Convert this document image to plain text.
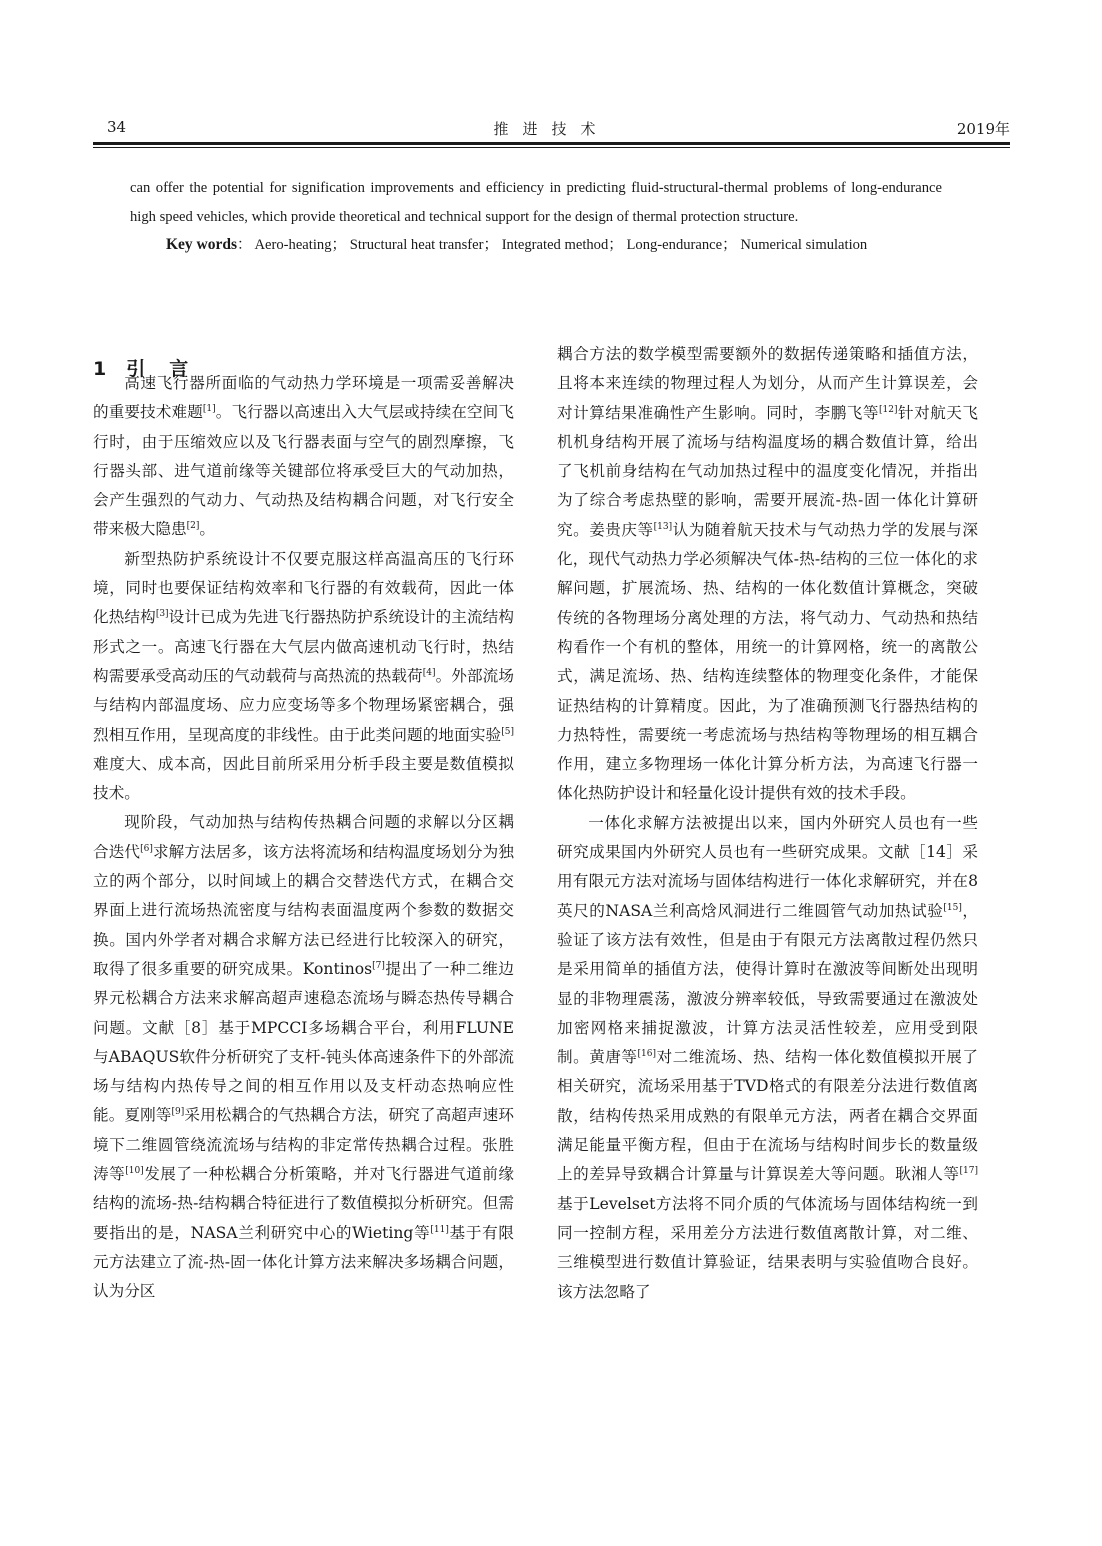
34	推进技术	2019年

can offer the potential for signification improvements and efficiency in predicting fluid-structural-thermal problems of long-endurance high speed vehicles, which provide theoretical and technical support for the design of thermal protection structure.

Key words： Aero-heating； Structural heat transfer； Integrated method； Long-endurance； Numerical simulation

1 引 言

高速飞行器所面临的气动热力学环境是一项需妥善解决的重要技术难题[1]。飞行器以高速出入大气层或持续在空间飞行时，由于压缩效应以及飞行器表面与空气的剧烈摩擦，飞行器头部、进气道前缘等关键部位将承受巨大的气动加热，会产生强烈的气动力、气动热及结构耦合问题，对飞行安全带来极大隐患[2]。

新型热防护系统设计不仅要克服这样高温高压的飞行环境，同时也要保证结构效率和飞行器的有效载荷，因此一体化热结构[3]设计已成为先进飞行器热防护系统设计的主流结构形式之一。高速飞行器在大气层内做高速机动飞行时，热结构需要承受高动压的气动载荷与高热流的热载荷[4]。外部流场与结构内部温度场、应力应变场等多个物理场紧密耦合，强烈相互作用，呈现高度的非线性。由于此类问题的地面实验[5]难度大、成本高，因此目前所采用分析手段主要是数值模拟技术。

现阶段，气动加热与结构传热耦合问题的求解以分区耦合迭代[6]求解方法居多，该方法将流场和结构温度场划分为独立的两个部分，以时间域上的耦合交替迭代方式，在耦合交界面上进行流场热流密度与结构表面温度两个参数的数据交换。国内外学者对耦合求解方法已经进行比较深入的研究，取得了很多重要的研究成果。Kontinos[7]提出了一种二维边界元松耦合方法来求解高超声速稳态流场与瞬态热传导耦合问题。文献［8］基于MPCCI多场耦合平台，利用FLUNE与ABAQUS软件分析研究了支杆-钝头体高速条件下的外部流场与结构内热传导之间的相互作用以及支杆动态热响应性能。夏刚等[9]采用松耦合的气热耦合方法，研究了高超声速环境下二维圆管绕流流场与结构的非定常传热耦合过程。张胜涛等[10]发展了一种松耦合分析策略，并对飞行器进气道前缘结构的流场-热-结构耦合特征进行了数值模拟分析研究。但需要指出的是，NASA兰利研究中心的Wieting等[11]基于有限元方法建立了流-热-固一体化计算方法来解决多场耦合问题，认为分区

耦合方法的数学模型需要额外的数据传递策略和插值方法，且将本来连续的物理过程人为划分，从而产生计算误差，会对计算结果准确性产生影响。同时，李鹏飞等[12]针对航天飞机机身结构开展了流场与结构温度场的耦合数值计算，给出了飞机前身结构在气动加热过程中的温度变化情况，并指出为了综合考虑热壁的影响，需要开展流-热-固一体化计算研究。姜贵庆等[13]认为随着航天技术与气动热力学的发展与深化，现代气动热力学必须解决气体-热-结构的三位一体化的求解问题，扩展流场、热、结构的一体化数值计算概念，突破传统的各物理场分离处理的方法，将气动力、气动热和热结构看作一个有机的整体，用统一的计算网格，统一的离散公式，满足流场、热、结构连续整体的物理变化条件，才能保证热结构的计算精度。因此，为了准确预测飞行器热结构的力热特性，需要统一考虑流场与热结构等物理场的相互耦合作用，建立多物理场一体化计算分析方法，为高速飞行器一体化热防护设计和轻量化设计提供有效的技术手段。

一体化求解方法被提出以来，国内外研究人员也有一些研究成果国内外研究人员也有一些研究成果。文献［14］采用有限元方法对流场与固体结构进行一体化求解研究，并在8英尺的NASA兰利高焓风洞进行二维圆管气动加热试验[15]，验证了该方法有效性，但是由于有限元方法离散过程仍然只是采用简单的插值方法，使得计算时在激波等间断处出现明显的非物理震荡，激波分辨率较低，导致需要通过在激波处加密网格来捕捉激波，计算方法灵活性较差，应用受到限制。黄唐等[16]对二维流场、热、结构一体化数值模拟开展了相关研究，流场采用基于TVD格式的有限差分法进行数值离散，结构传热采用成熟的有限单元方法，两者在耦合交界面满足能量平衡方程，但由于在流场与结构时间步长的数量级上的差异导致耦合计算量与计算误差大等问题。耿湘人等[17]基于Levelset方法将不同介质的气体流场与固体结构统一到同一控制方程，采用差分方法进行数值离散计算，对二维、三维模型进行数值计算验证，结果表明与实验值吻合良好。该方法忽略了
